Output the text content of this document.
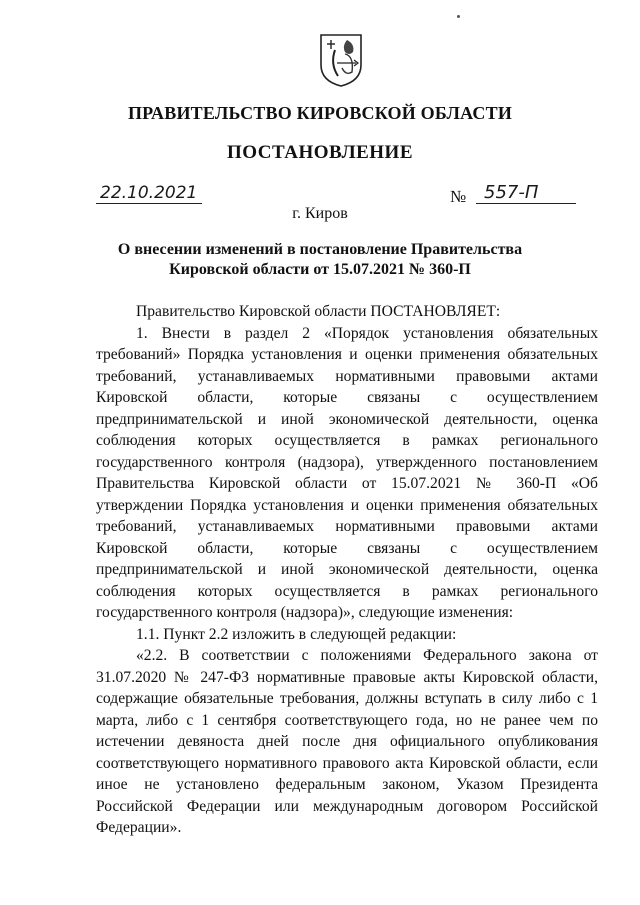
ПРАВИТЕЛЬСТВО КИРОВСКОЙ ОБЛАСТИ
ПОСТАНОВЛЕНИЕ
22.10.2021	№ 557-П
г. Киров
О внесении изменений в постановление Правительства
Кировской области от 15.07.2021 № 360-П

Правительство Кировской области ПОСТАНОВЛЯЕТ:

1. Внести в раздел 2 «Порядок установления обязательных требований» Порядка установления и оценки применения обязательных требований, устанавливаемых нормативными правовыми актами Кировской области, которые связаны с осуществлением предпринимательской и иной экономической деятельности, оценка соблюдения которых осуществляется в рамках регионального государственного контроля (надзора), утвержденного постановлением Правительства Кировской области от 15.07.2021 № 360-П «Об утверждении Порядка установления и оценки применения обязательных требований, устанавливаемых нормативными правовыми актами Кировской области, которые связаны с осуществлением предпринимательской и иной экономической деятельности, оценка соблюдения которых осуществляется в рамках регионального государственного контроля (надзора)», следующие изменения:

1.1. Пункт 2.2 изложить в следующей редакции:

«2.2. В соответствии с положениями Федерального закона от 31.07.2020 № 247-ФЗ нормативные правовые акты Кировской области, содержащие обязательные требования, должны вступать в силу либо с 1 марта, либо с 1 сентября соответствующего года, но не ранее чем по истечении девяноста дней после дня официального опубликования соответствующего нормативного правового акта Кировской области, если иное не установлено федеральным законом, Указом Президента Российской Федерации или международным договором Российской Федерации».
